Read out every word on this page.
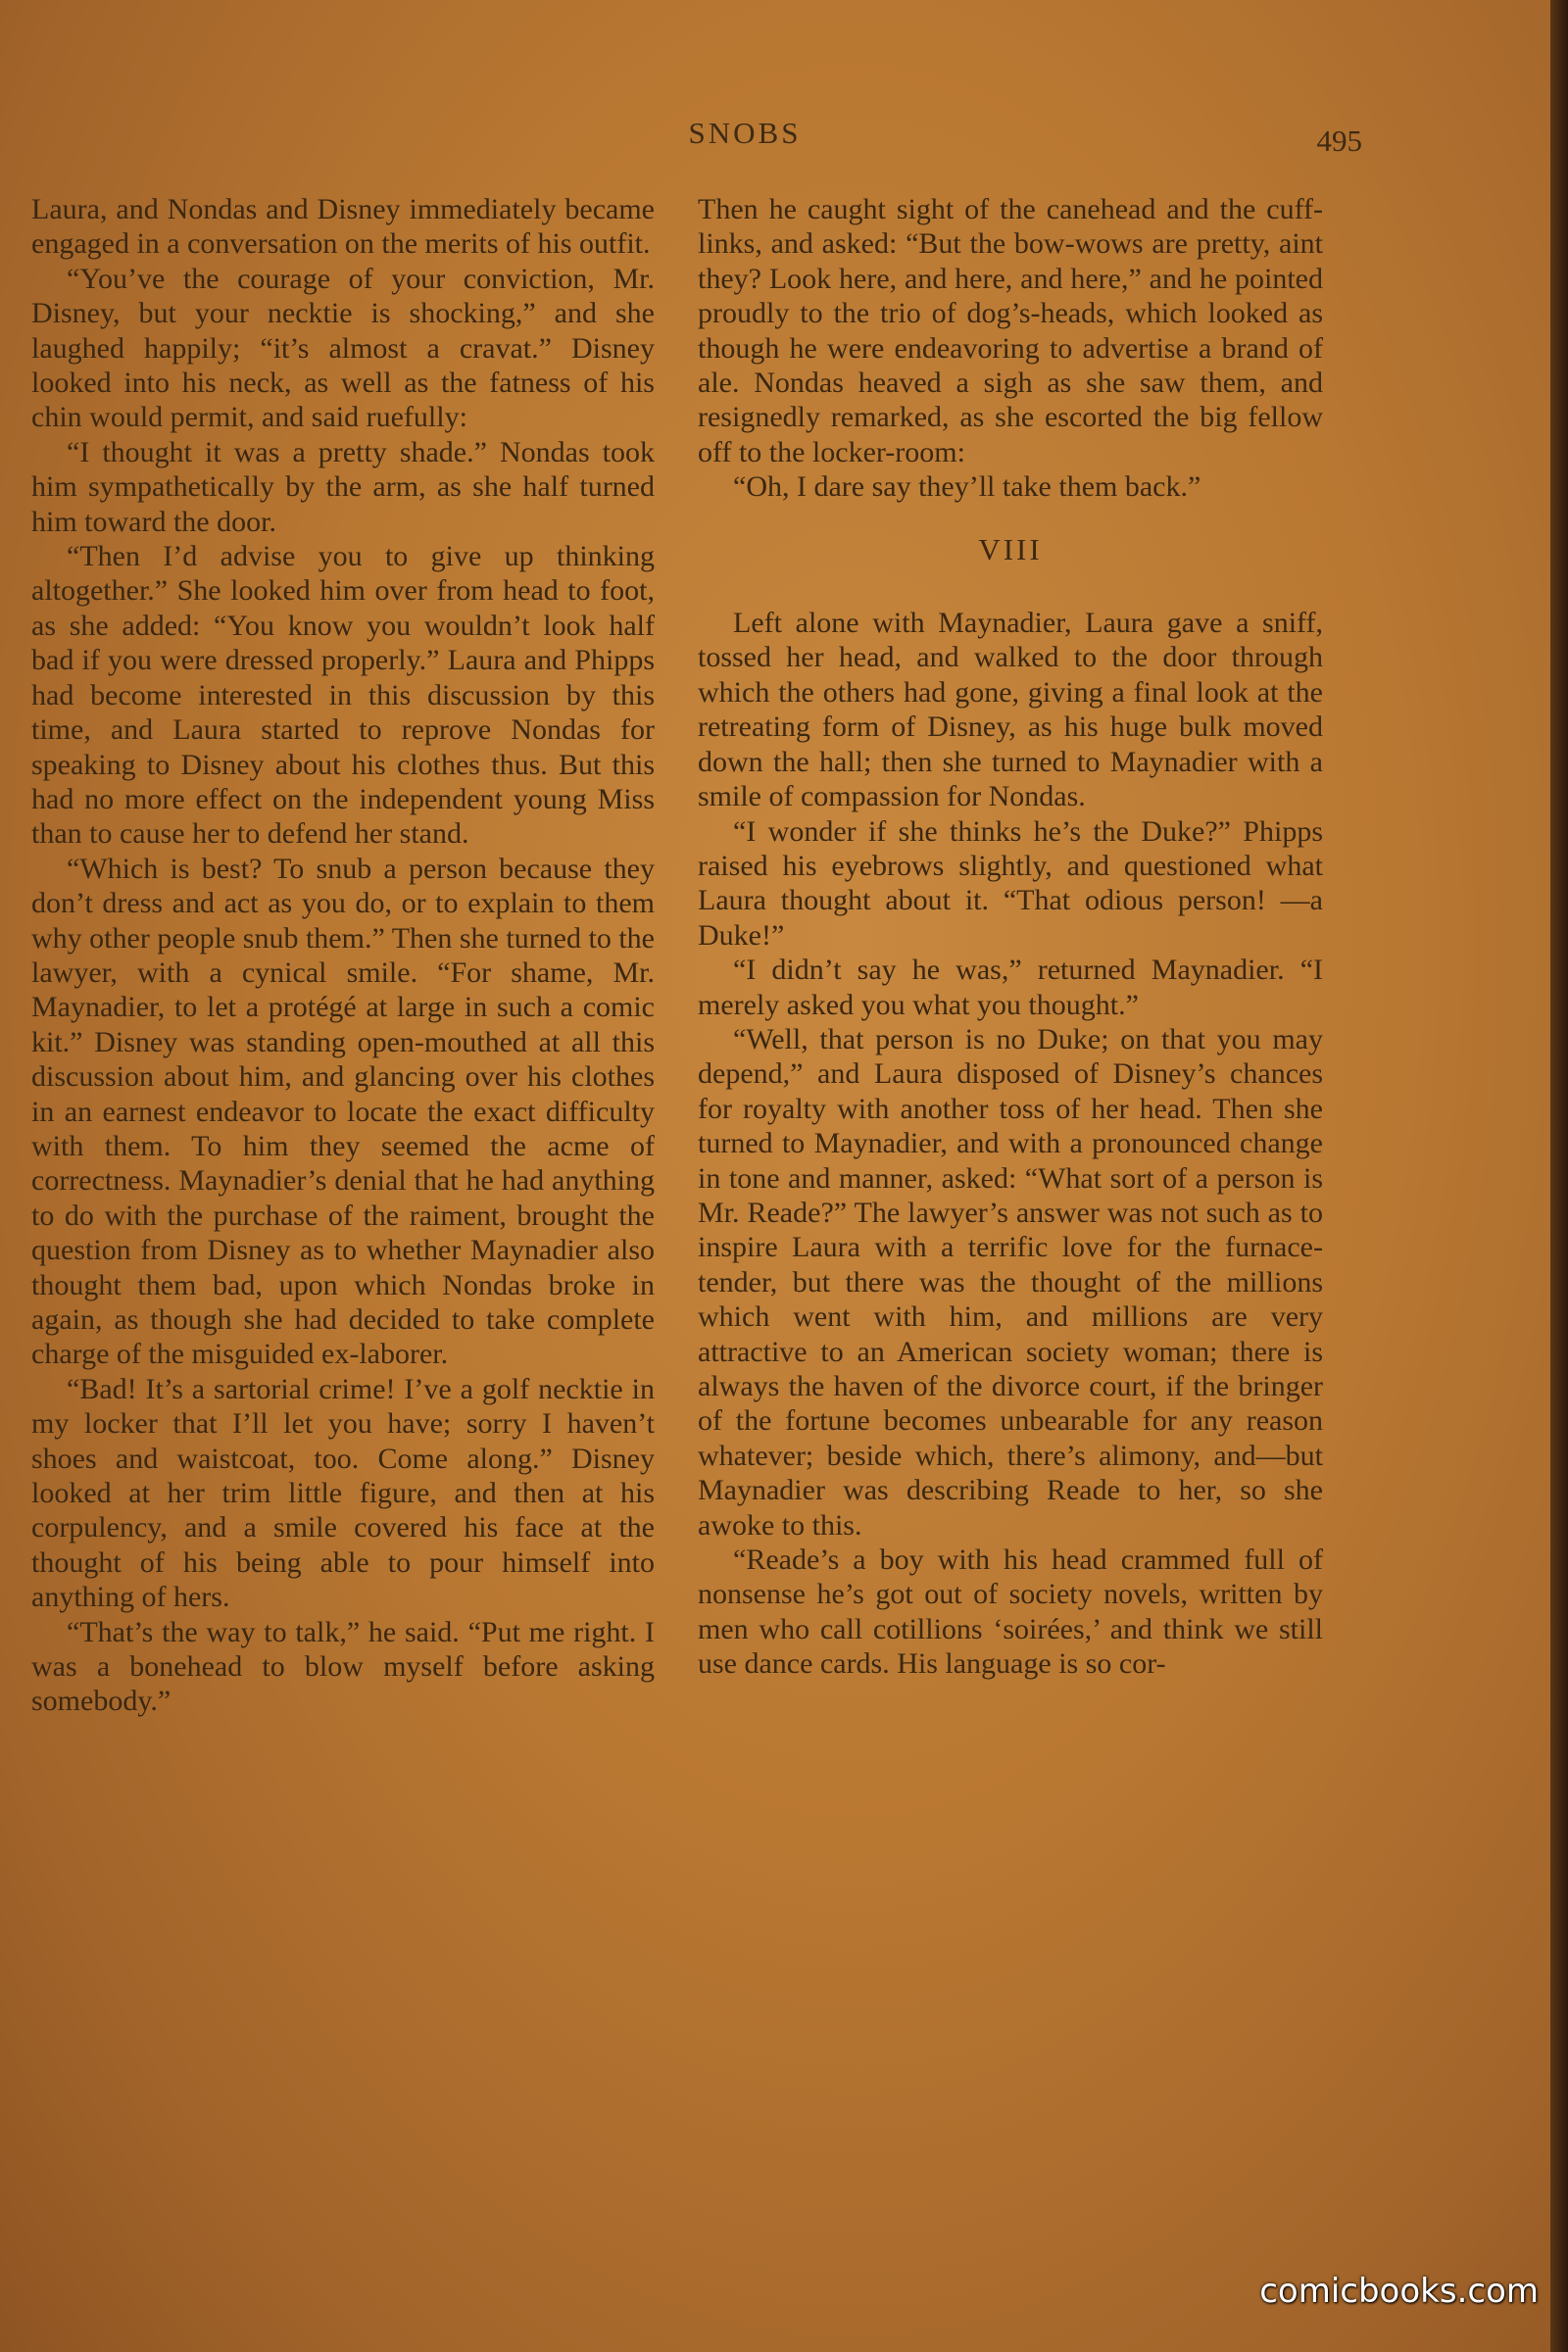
SNOBS	495

Laura, and Nondas and Disney immediately became engaged in a conversation on the merits of his outfit.

“You’ve the courage of your conviction, Mr. Disney, but your necktie is shocking,” and she laughed happily; “it’s almost a cravat.” Disney looked into his neck, as well as the fatness of his chin would permit, and said ruefully:

“I thought it was a pretty shade.” Nondas took him sympathetically by the arm, as she half turned him toward the door.

“Then I’d advise you to give up thinking altogether.” She looked him over from head to foot, as she added: “You know you wouldn’t look half bad if you were dressed properly.” Laura and Phipps had become interested in this discussion by this time, and Laura started to reprove Nondas for speaking to Disney about his clothes thus. But this had no more effect on the independent young Miss than to cause her to defend her stand.

“Which is best? To snub a person because they don’t dress and act as you do, or to explain to them why other people snub them.” Then she turned to the lawyer, with a cynical smile. “For shame, Mr. Maynadier, to let a protégé at large in such a comic kit.” Disney was standing open-mouthed at all this discussion about him, and glancing over his clothes in an earnest endeavor to locate the exact difficulty with them. To him they seemed the acme of correctness. Maynadier’s denial that he had anything to do with the purchase of the raiment, brought the question from Disney as to whether Maynadier also thought them bad, upon which Nondas broke in again, as though she had decided to take complete charge of the misguided ex-laborer.

“Bad! It’s a sartorial crime! I’ve a golf necktie in my locker that I’ll let you have; sorry I haven’t shoes and waistcoat, too. Come along.” Disney looked at her trim little figure, and then at his corpulency, and a smile covered his face at the thought of his being able to pour himself into anything of hers.

“That’s the way to talk,” he said. “Put me right. I was a bonehead to blow myself before asking somebody.”

Then he caught sight of the canehead and the cuff-links, and asked: “But the bow-wows are pretty, aint they? Look here, and here, and here,” and he pointed proudly to the trio of dog’s-heads, which looked as though he were endeavoring to advertise a brand of ale. Nondas heaved a sigh as she saw them, and resignedly remarked, as she escorted the big fellow off to the locker-room:

“Oh, I dare say they’ll take them back.”

VIII

Left alone with Maynadier, Laura gave a sniff, tossed her head, and walked to the door through which the others had gone, giving a final look at the retreating form of Disney, as his huge bulk moved down the hall; then she turned to Maynadier with a smile of compassion for Nondas.

“I wonder if she thinks he’s the Duke?” Phipps raised his eyebrows slightly, and questioned what Laura thought about it. “That odious person! —a Duke!”

“I didn’t say he was,” returned Maynadier. “I merely asked you what you thought.”

“Well, that person is no Duke; on that you may depend,” and Laura disposed of Disney’s chances for royalty with another toss of her head. Then she turned to Maynadier, and with a pronounced change in tone and manner, asked: “What sort of a person is Mr. Reade?” The lawyer’s answer was not such as to inspire Laura with a terrific love for the furnace-tender, but there was the thought of the millions which went with him, and millions are very attractive to an American society woman; there is always the haven of the divorce court, if the bringer of the fortune becomes unbearable for any reason whatever; beside which, there’s alimony, and—but Maynadier was describing Reade to her, so she awoke to this.

“Reade’s a boy with his head crammed full of nonsense he’s got out of society novels, written by men who call cotillions ‘soirées,’ and think we still use dance cards. His language is so cor-

comicbooks.com
